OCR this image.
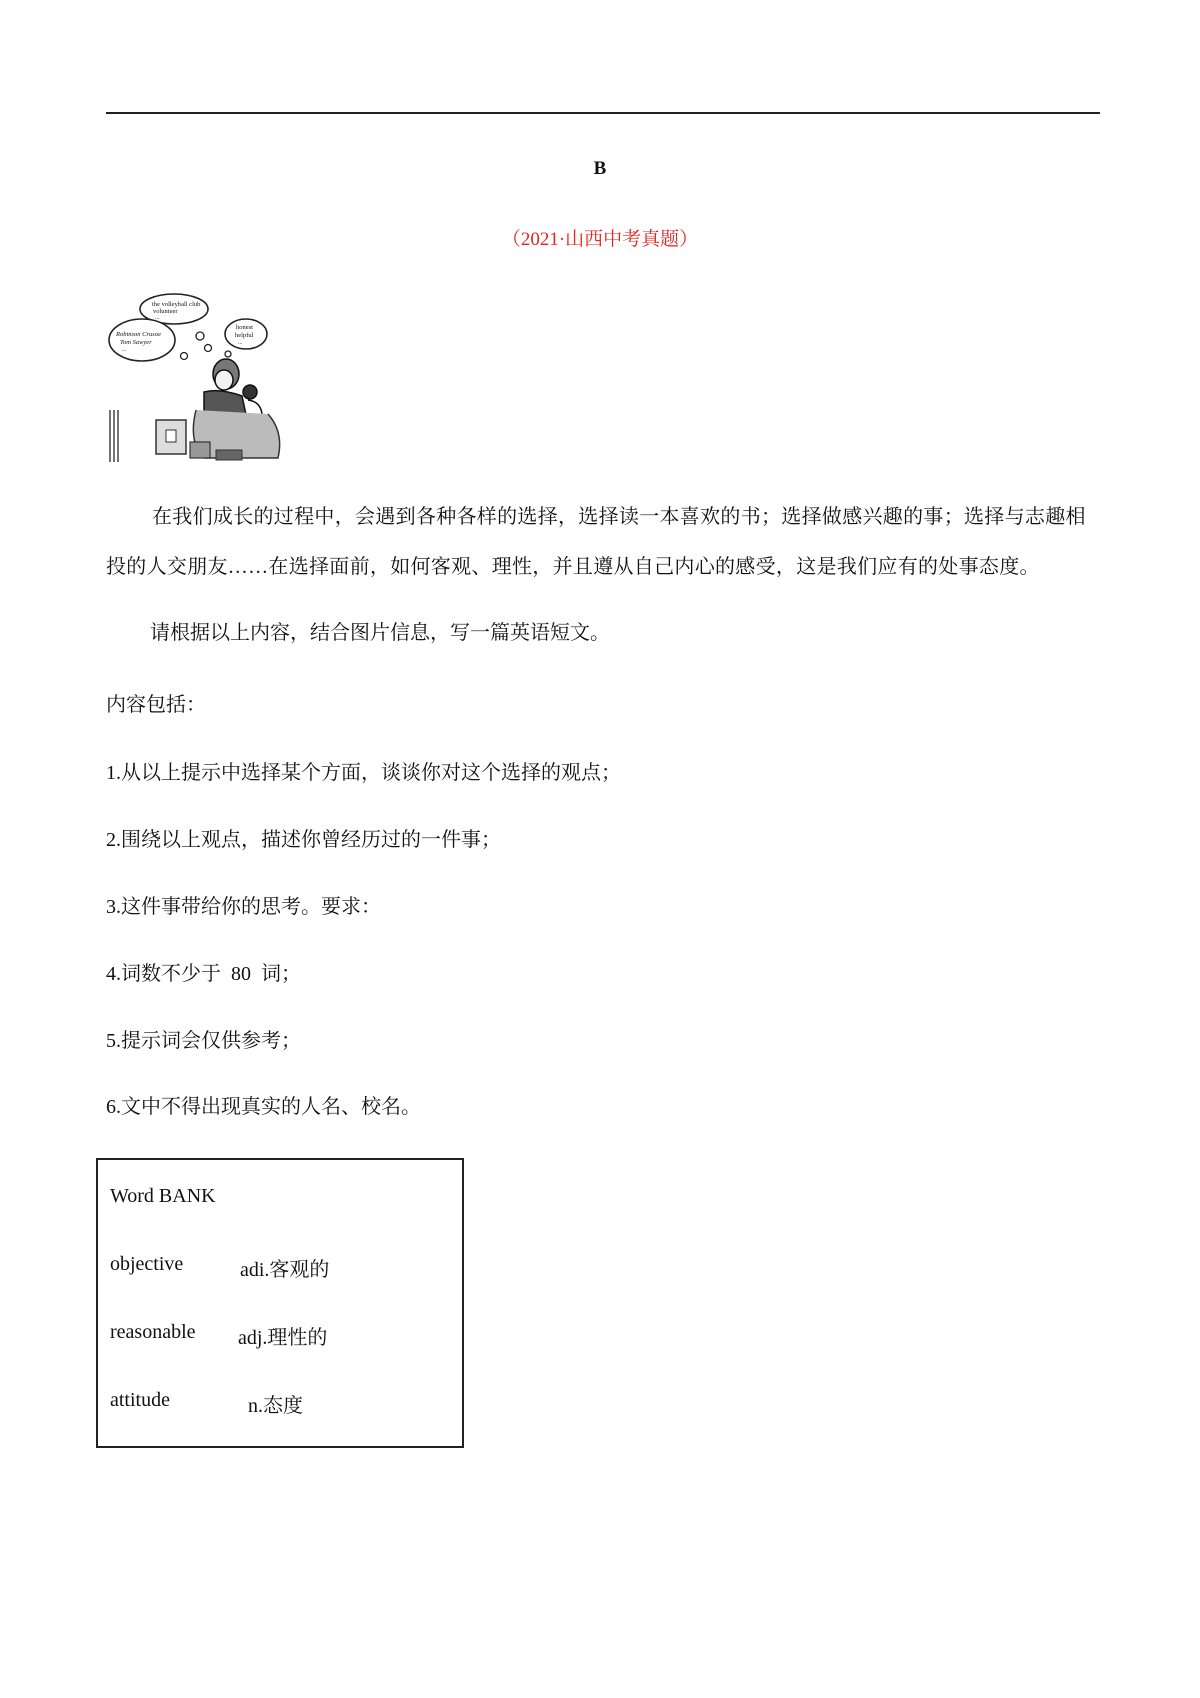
B
（2021·山西中考真题）
the volleyball club
volunteer
...
honest
helpful
...
Robinson Crusoe
Tom Sawyer
...
在我们成长的过程中，会遇到各种各样的选择，选择读一本喜欢的书；选择做感兴趣的事；选择与志趣相投的人交朋友……在选择面前，如何客观、理性，并且遵从自己内心的感受，这是我们应有的处事态度。
请根据以上内容，结合图片信息，写一篇英语短文。
内容包括：
1.从以上提示中选择某个方面，谈谈你对这个选择的观点；
2.围绕以上观点，描述你曾经历过的一件事；
3.这件事带给你的思考。要求：
4.词数不少于  80  词；
5.提示词会仅供参考；
6.文中不得出现真实的人名、校名。
Word BANK
objective	adi.客观的
reasonable adj.理性的
attitude	n.态度
